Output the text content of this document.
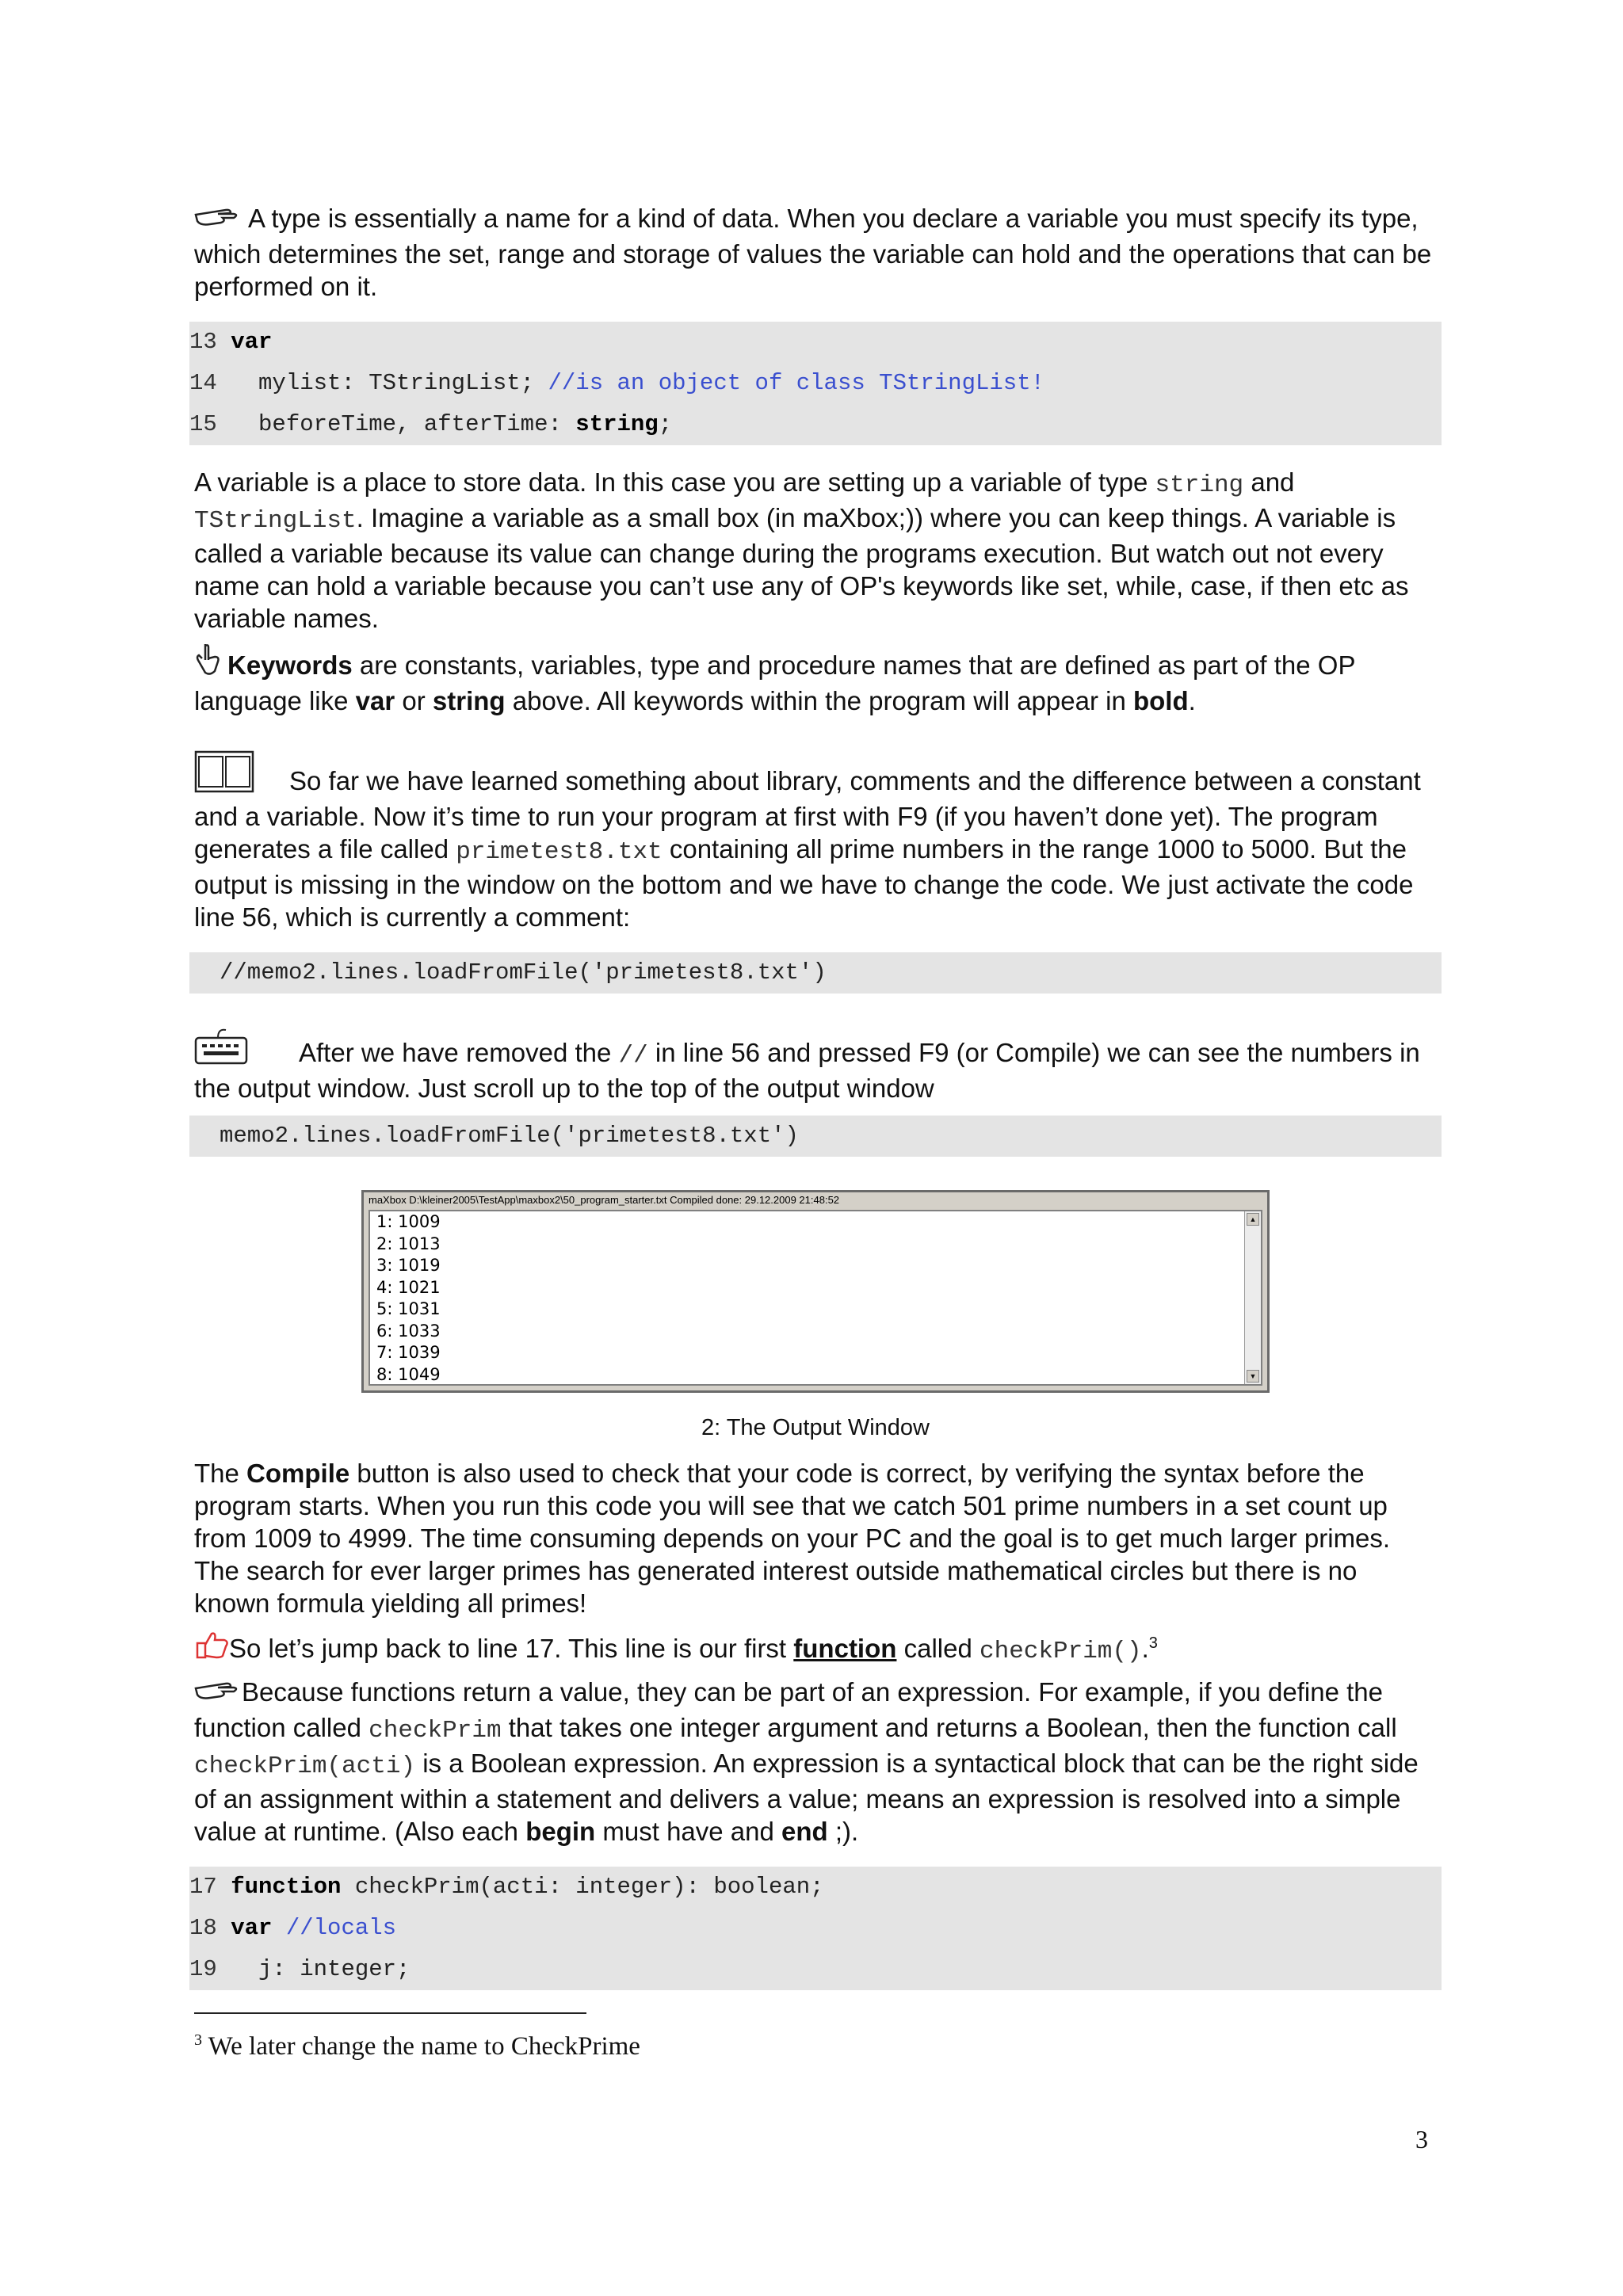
A type is essentially a name for a kind of data. When you declare a variable you must specify its type, which determines the set, range and storage of values the variable can hold and the operations that can be performed on it.

13 var
14 mylist: TStringList; //is an object of class TStringList!
15 beforeTime, afterTime: string;

A variable is a place to store data. In this case you are setting up a variable of type string and TStringList. Imagine a variable as a small box (in maXbox;)) where you can keep things. A variable is called a variable because its value can change during the programs execution. But watch out not every name can hold a variable because you can’t use any of OP's keywords like set, while, case, if then etc as variable names.

Keywords are constants, variables, type and procedure names that are defined as part of the OP language like var or string above. All keywords within the program will appear in bold.

So far we have learned something about library, comments and the difference between a constant and a variable. Now it’s time to run your program at first with F9 (if you haven’t done yet). The program generates a file called primetest8.txt containing all prime numbers in the range 1000 to 5000. But the output is missing in the window on the bottom and we have to change the code. We just activate the code line 56, which is currently a comment:

//memo2.lines.loadFromFile('primetest8.txt')

After we have removed the // in line 56 and pressed F9 (or Compile) we can see the numbers in the output window. Just scroll up to the top of the output window

memo2.lines.loadFromFile('primetest8.txt')
maXbox D:\kleiner2005\TestApp\maxbox2\50_program_starter.txt Compiled done: 29.12.2009 21:48:52
1: 1009
2: 1013
3: 1019
4: 1021
5: 1031
6: 1033
7: 1039
8: 1049
▲
▼
2: The Output Window

The Compile button is also used to check that your code is correct, by verifying the syntax before the program starts. When you run this code you will see that we catch 501 prime numbers in a set count up from 1009 to 4999. The time consuming depends on your PC and the goal is to get much larger primes. The search for ever larger primes has generated interest outside mathematical circles but there is no known formula yielding all primes!

So let’s jump back to line 17. This line is our first function called checkPrim().$^3$

Because functions return a value, they can be part of an expression. For example, if you define the function called checkPrim that takes one integer argument and returns a Boolean, then the function call checkPrim(acti) is a Boolean expression. An expression is a syntactical block that can be the right side of an assignment within a statement and delivers a value; means an expression is resolved into a simple value at runtime. (Also each begin must have and end ;).

17 function checkPrim(acti: integer): boolean;
18 var //locals
19 j: integer;
$^3$ We later change the name to CheckPrime
3
